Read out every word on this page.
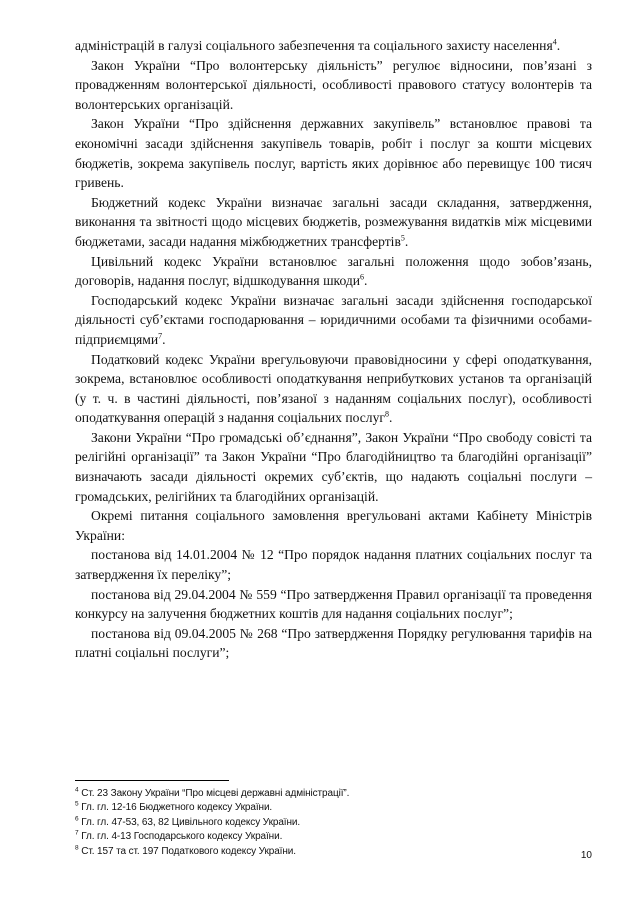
адміністрацій в галузі соціального забезпечення та соціального захисту населення$^4$.

Закон України “Про волонтерську діяльність” регулює відносини, пов’язані з провадженням волонтерської діяльності, особливості правового статусу волонтерів та волонтерських організацій.

Закон України “Про здійснення державних закупівель” встановлює правові та економічні засади здійснення закупівель товарів, робіт і послуг за кошти місцевих бюджетів, зокрема закупівель послуг, вартість яких дорівнює або перевищує 100 тисяч гривень.

Бюджетний кодекс України визначає загальні засади складання, затвердження, виконання та звітності щодо місцевих бюджетів, розмежування видатків між місцевими бюджетами, засади надання міжбюджетних трансфертів$^5$.

Цивільний кодекс України встановлює загальні положення щодо зобов’язань, договорів, надання послуг, відшкодування шкоди$^6$.

Господарський кодекс України визначає загальні засади здійснення господарської діяльності суб’єктами господарювання – юридичними особами та фізичними особами-підприємцями$^7$.

Податковий кодекс України врегульовуючи правовідносини у сфері оподаткування, зокрема, встановлює особливості оподаткування неприбуткових установ та організацій (у т. ч. в частині діяльності, пов’язаної з наданням соціальних послуг), особливості оподаткування операцій з надання соціальних послуг$^8$.

Закони України “Про громадські об’єднання”, Закон України “Про свободу совісті та релігійні організації” та Закон України “Про благодійництво та благодійні організації” визначають засади діяльності окремих суб’єктів, що надають соціальні послуги – громадських, релігійних та благодійних організацій.

Окремі питання соціального замовлення врегульовані актами Кабінету Міністрів України:

постанова від 14.01.2004 № 12 “Про порядок надання платних соціальних послуг та затвердження їх переліку”;

постанова від 29.04.2004 № 559 “Про затвердження Правил організації та проведення конкурсу на залучення бюджетних коштів для надання соціальних послуг”;

постанова від 09.04.2005 № 268 “Про затвердження Порядку регулювання тарифів на платні соціальні послуги”;

$^4$ Ст. 23 Закону України “Про місцеві державні адміністрації”.

$^5$ Гл. гл. 12-16 Бюджетного кодексу України.

$^6$ Гл. гл. 47-53, 63, 82 Цивільного кодексу України.

$^7$ Гл. гл. 4-13 Господарського кодексу України.

$^8$ Ст. 157 та ст. 197 Податкового кодексу України.	10
